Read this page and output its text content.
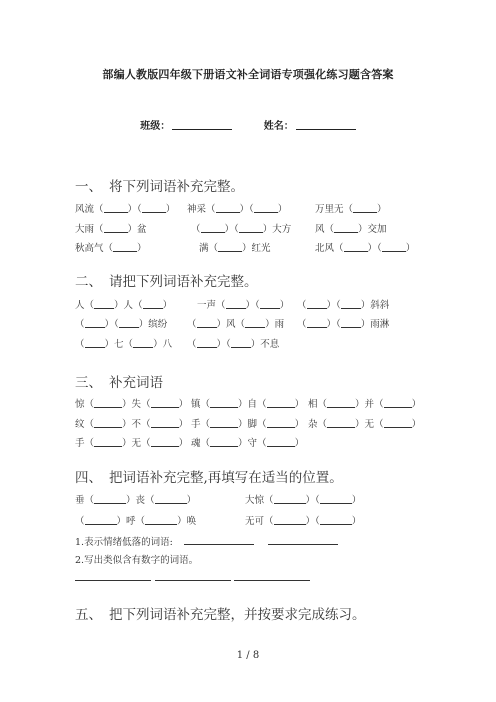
部编人教版四年级下册语文补全词语专项强化练习题含答案
班级：	姓名：
一、 将下列词语补充完整。
风流（	）（	） 神采（	）（	）	万里无（	）
大雨（	）盆	（	）（	）大方 风（	）交加
秋高气（	）	满（	）红光	北风（	）（	）
二、 请把下列词语补充完整。
人（ ）人（ ）	一声（ ）（ ） （ ）（ ）斜斜
（ ）（ ）缤纷 （ ）风（ ）雨 （ ）（ ）雨淋
（ ）七（ ）八 （ ）（ ）不息
三、 补充词语
惊（	）失（	） 镇（	）自（	） 相（	）并（	）
纹（	）不（	） 手（	）脚（	） 杂（	）无（	）
手（	）无（	） 魂（	）守（	）
四、 把词语补充完整,再填写在适当的位置。
垂（	）丧（	）	大惊（	）（	）
（	）呼（	）唤	无可（	）（	）
1.表示情绪低落的词语:
2.写出类似含有数字的词语。
五、 把下列词语补充完整，并按要求完成练习。
1 / 8
